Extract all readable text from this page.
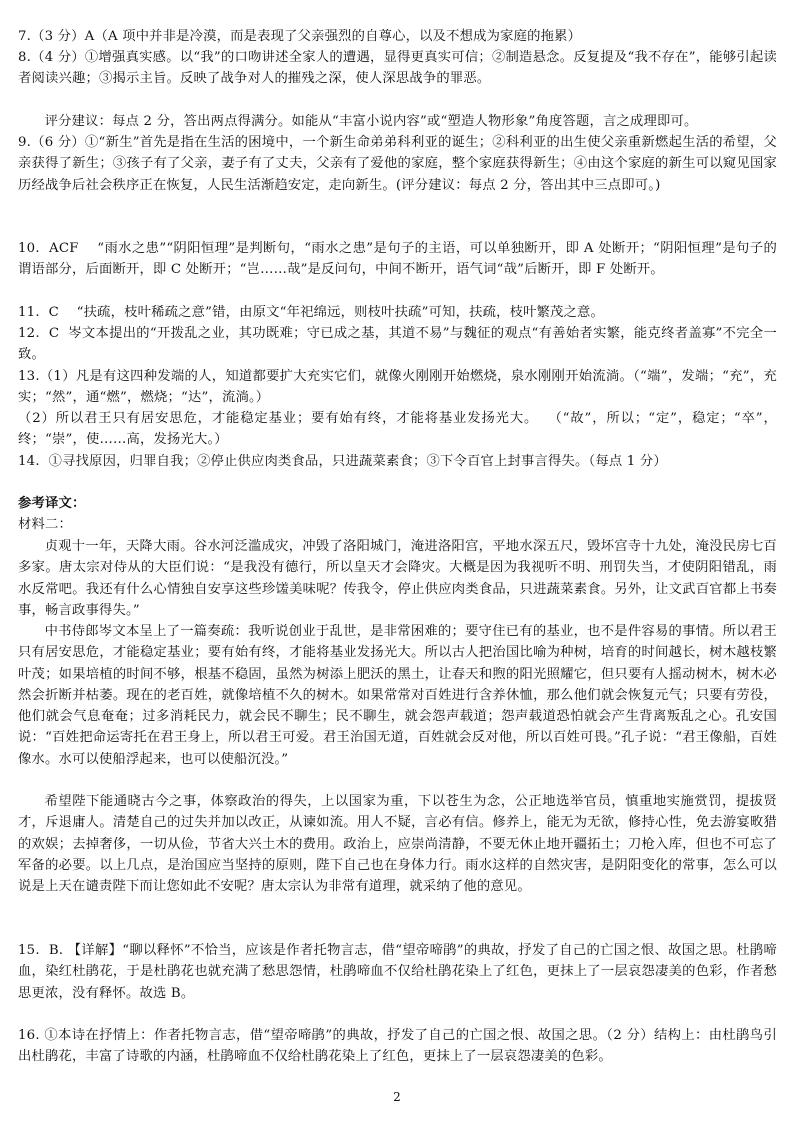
7.（3 分）A（A 项中并非是冷漠，而是表现了父亲强烈的自尊心，以及不想成为家庭的拖累）

8.（4 分）①增强真实感。以“我”的口吻讲述全家人的遭遇，显得更真实可信；②制造悬念。反复提及“我不存在”，能够引起读者阅读兴趣；③揭示主旨。反映了战争对人的摧残之深，使人深思战争的罪恶。

评分建议：每点 2 分，答出两点得满分。如能从“丰富小说内容”或“塑造人物形象”角度答题，言之成理即可。

9.（6 分）①“新生”首先是指在生活的困境中，一个新生命弟弟科利亚的诞生；②科利亚的出生使父亲重新燃起生活的希望，父亲获得了新生；③孩子有了父亲，妻子有了丈夫，父亲有了爱他的家庭，整个家庭获得新生；④由这个家庭的新生可以窥见国家历经战争后社会秩序正在恢复，人民生活渐趋安定，走向新生。(评分建议：每点 2 分，答出其中三点即可。)

10.  ACF    “雨水之患”“阴阳恒理”是判断句，“雨水之患”是句子的主语，可以单独断开，即 A 处断开；“阴阳恒理”是句子的谓语部分，后面断开，即 C 处断开；“岂……哉”是反问句，中间不断开，语气词“哉”后断开，即 F 处断开。

11.  C    “扶疏，枝叶稀疏之意”错，由原文“年祀绵远，则枝叶扶疏”可知，扶疏，枝叶繁茂之意。

12.  C  岑文本提出的“开拨乱之业，其功既难；守已成之基，其道不易”与魏征的观点“有善始者实繁，能克终者盖寡”不完全一致。

13.（1）凡是有这四种发端的人，知道都要扩大充实它们，就像火刚刚开始燃烧，泉水刚刚开始流淌。（“端”，发端；“充”，充实；“然”，通“燃”，燃烧；“达”，流淌。）

（2）所以君王只有居安思危，才能稳定基业；要有始有终，才能将基业发扬光大。  （“故”，所以；“定”，稳定；“卒”，终；“崇”，使……高，发扬光大。）

14.  ①寻找原因，归罪自我；②停止供应肉类食品，只进蔬菜素食；③下令百官上封事言得失。（每点 1 分）

参考译文：

材料二：

贞观十一年，天降大雨。谷水河泛滥成灾，冲毁了洛阳城门，淹进洛阳宫，平地水深五尺，毁坏宫寺十九处，淹没民房七百多家。唐太宗对侍从的大臣们说：“是我没有德行，所以皇天才会降灾。大概是因为我视听不明、刑罚失当，才使阴阳错乱，雨水反常吧。我还有什么心情独自安享这些珍馐美味呢？传我令，停止供应肉类食品，只进蔬菜素食。另外，让文武百官都上书奏事，畅言政事得失。”

中书侍郎岑文本呈上了一篇奏疏：我听说创业于乱世，是非常困难的；要守住已有的基业，也不是件容易的事情。所以君王只有居安思危，才能稳定基业；要有始有终，才能将基业发扬光大。所以古人把治国比喻为种树，培育的时间越长，树木越枝繁叶茂；如果培植的时间不够，根基不稳固，虽然为树添上肥沃的黑土，让春天和煦的阳光照耀它，但只要有人摇动树木，树木必然会折断并枯萎。现在的老百姓，就像培植不久的树木。如果常常对百姓进行含养休恤，那么他们就会恢复元气；只要有劳役，他们就会气息奄奄；过多消耗民力，就会民不聊生；民不聊生，就会怨声载道；怨声载道恐怕就会产生背离叛乱之心。孔安国说：“百姓把命运寄托在君王身上，所以君王可爱。君王治国无道，百姓就会反对他，所以百姓可畏。”孔子说：“君王像船，百姓像水。水可以使船浮起来，也可以使船沉没。”

希望陛下能通晓古今之事，体察政治的得失，上以国家为重，下以苍生为念，公正地选举官员，慎重地实施赏罚，提拔贤才，斥退庸人。清楚自己的过失并加以改正，从谏如流。用人不疑，言必有信。修养上，能无为无欲，修持心性，免去游宴畋猎的欢娱；去掉奢侈，一切从俭，节省大兴土木的费用。政治上，应崇尚清静，不要无休止地开疆拓土；刀枪入库，但也不可忘了军备的必要。以上几点，是治国应当坚持的原则，陛下自己也在身体力行。雨水这样的自然灾害，是阴阳变化的常事，怎么可以说是上天在谴责陛下而让您如此不安呢？唐太宗认为非常有道理，就采纳了他的意见。

15.  B. 【详解】“聊以释怀”不恰当，应该是作者托物言志，借“望帝啼鹃”的典故，抒发了自己的亡国之恨、故国之思。杜鹃啼血，染红杜鹃花，于是杜鹃花也就充满了愁思怨情，杜鹃啼血不仅给杜鹃花染上了红色，更抹上了一层哀怨凄美的色彩，作者愁思更浓，没有释怀。故选 B。

16. ①本诗在抒情上：作者托物言志，借“望帝啼鹃”的典故，抒发了自己的亡国之恨、故国之思。（2 分）结构上：由杜鹃鸟引出杜鹃花，丰富了诗歌的内涵，杜鹃啼血不仅给杜鹃花染上了红色，更抹上了一层哀怨凄美的色彩。

2
